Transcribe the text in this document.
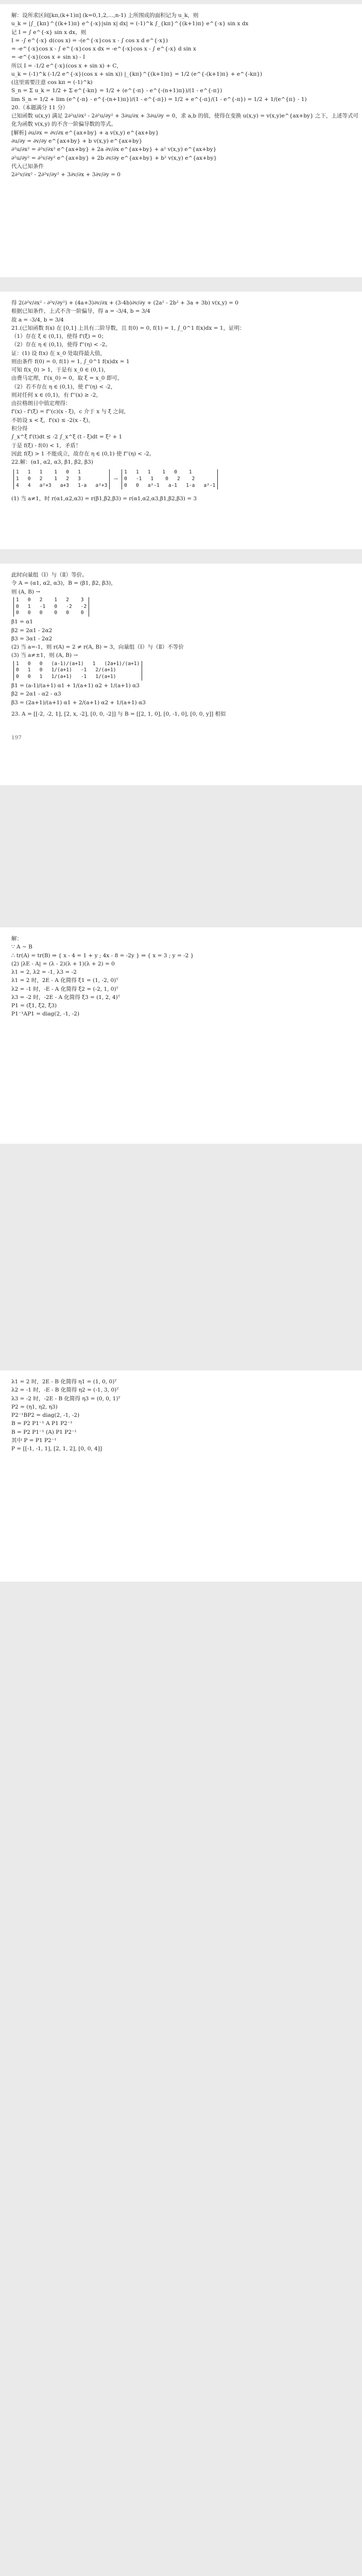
解：设所求区间[kπ,(k+1)π] (k=0,1,2,…,n-1) 上所围成的面积记为 u_k，则
u_k = |∫_{kπ}^{(k+1)π} e^{-x}|sin x| dx| = (-1)^k ∫_{kπ}^{(k+1)π} e^{-x} sin x dx
记 I = ∫ e^{-x} sin x dx，则
I = -∫ e^{-x} d(cos x) = -(e^{-x}cos x - ∫ cos x d e^{-x})
= -e^{-x}cos x - ∫ e^{-x}cos x dx = -e^{-x}cos x - ∫ e^{-x} d sin x
= -e^{-x}(cos x + sin x) - I
所以 I = -1/2 e^{-x}(cos x + sin x) + C，
u_k = (-1)^k (-1/2 e^{-x}(cos x + sin x)) |_{kπ}^{(k+1)π} = 1/2 (e^{-(k+1)π} + e^{-kπ})
(这里需要注意 cos kπ = (-1)^k)
S_n = Σ u_k = 1/2 + Σ e^{-kπ} = 1/2 + (e^{-π} - e^{-(n+1)π})/(1 - e^{-π})
lim S_n = 1/2 + lim (e^{-π} - e^{-(n+1)π})/(1 - e^{-π}) = 1/2 + e^{-π}/(1 - e^{-π}) = 1/2 + 1/(e^{π} - 1)
20.（本题满分 11 分）
已知函数 u(x,y) 满足 2∂²u/∂x² - 2∂²u/∂y² + 3∂u/∂x + 3∂u/∂y = 0，求 a,b 的值，使得在变换 u(x,y) = v(x,y)e^{ax+by} 之下，上述等式可
化为函数 v(x,y) 的不含一阶偏导数的等式。
[解析] ∂u/∂x = ∂v/∂x e^{ax+by} + a v(x,y) e^{ax+by}
∂u/∂y = ∂v/∂y e^{ax+by} + b v(x,y) e^{ax+by}
∂²u/∂x² = ∂²v/∂x² e^{ax+by} + 2a ∂v/∂x e^{ax+by} + a² v(x,y) e^{ax+by}
∂²u/∂y² = ∂²v/∂y² e^{ax+by} + 2b ∂v/∂y e^{ax+by} + b² v(x,y) e^{ax+by}
代入已知条件
2∂²v/∂x² - 2∂²v/∂y² + 3∂v/∂x + 3∂v/∂y = 0
得 2(∂²v/∂x² - ∂²v/∂y²) + (4a+3)∂v/∂x + (3-4b)∂v/∂y + (2a² - 2b² + 3a + 3b) v(x,y) = 0
根据已知条件，上式不含一阶偏导，得 a = -3/4, b = 3/4
故 a = -3/4, b = 3/4
21.(已知函数 f(x) 在 [0,1] 上具有二阶导数，且 f(0) = 0, f(1) = 1, ∫_0^1 f(x)dx = 1，证明：
（1）存在 ξ ∈ (0,1)，使得 f'(ξ) = 0；
（2）存在 η ∈ (0,1)，使得 f''(η) < -2。
证：(1) 设 f(x) 在 x_0 处取得最大值，
则由条件 f(0) = 0, f(1) = 1, ∫_0^1 f(x)dx = 1
可知 f(x_0) > 1，于是有 x_0 ∈ (0,1)，
由费马定理，f'(x_0) = 0，取 ξ = x_0 即可。
（2）若不存在 η ∈ (0,1)，使 f''(η) < -2，
则对任何 x ∈ (0,1)，有 f''(x) ≥ -2，
由拉格朗日中值定理得：
f'(x) - f'(ξ) = f''(c)(x - ξ)，c 介于 x 与 ξ 之间，
不妨设 x < ξ，f'(x) ≤ -2(x - ξ)，
积分得
∫_x^ξ f'(t)dt ≤ -2 ∫_x^ξ (t - ξ)dt = ξ² + 1
于是 f(ξ) - f(0) < 1，矛盾！
因此 f(ξ) > 1 不能成立，故存在 η ∈ (0,1) 使 f''(η) < -2。
22.解：(α1, α2, α3, β1, β2, β3)
1   1   1    1   0   1
1   0   2    1   2   3
4   4   a²+3   a+3   1-a   a²+3
→
1   1   1    1   0    1
0   -1   1    0   2    2
0   0   a²-1   a-1   1-a   a²-1
(1) 当 a≠1，时 r(α1,α2,α3) = r(β1,β2,β3) = r(α1,α2,α3,β1,β2,β3) = 3
此时向量组（Ⅰ）与（Ⅱ）等价。
令 A = (α1, α2, α3)，B = (β1, β2, β3)，
则 (A, B) →
1   0   2    1   2    3
0   1   -1   0   -2   -2
0   0   0    0   0    0
β1 = α1
β2 = 2α1 - 2α2
β3 = 3α1 - 2α2
(2) 当 a=-1，则 r(A) = 2 ≠ r(A, B) = 3，向量组（Ⅰ）与（Ⅱ）不等价
(3) 当 a≠±1，则 (A, B) →
1   0   0   (a-1)/(a+1)   1   (2a+1)/(a+1)
0   1   0   1/(a+1)   -1   2/(a+1)
0   0   1   1/(a+1)   -1   1/(a+1)
β1 = (a-1)/(a+1) α1 + 1/(a+1) α2 + 1/(a+1) α3
β2 = 2α1 - α2 - α3
β3 = (2a+1)/(a+1) α1 + 2/(a+1) α2 + 1/(a+1) α3
23. A = [[-2, -2, 1], [2, x, -2], [0, 0, -2]] 与 B = [[2, 1, 0], [0, -1, 0], [0, 0, y]] 相似
197
解：
∵ A ~ B
∴ tr(A) = tr(B) ⇒ { x - 4 = 1 + y ; 4x - 8 = -2y } ⇒ { x = 3 ; y = -2 }
(2) |λE - A| = (λ - 2)(λ + 1)(λ + 2) = 0
λ1 = 2, λ2 = -1, λ3 = -2
λ1 = 2 时，2E - A 化简得 ξ1 = (1, -2, 0)ᵀ
λ2 = -1 时，-E - A 化简得 ξ2 = (-2, 1, 0)ᵀ
λ3 = -2 时，-2E - A 化简得 ξ3 = (1, 2, 4)ᵀ
P1 = (ξ1, ξ2, ξ3)
P1⁻¹AP1 = diag(2, -1, -2)
λ1 = 2 时，2E - B 化简得 η1 = (1, 0, 0)ᵀ
λ2 = -1 时，-E - B 化简得 η2 = (-1, 3, 0)ᵀ
λ3 = -2 时，-2E - B 化简得 η3 = (0, 0, 1)ᵀ
P2 = (η1, η2, η3)
P2⁻¹BP2 = diag(2, -1, -2)
B = P2 P1⁻¹ A P1 P2⁻¹
B = P2 P1⁻¹ (A) P1 P2⁻¹
其中 P = P1 P2⁻¹
P = [[-1, -1, 1], [2, 1, 2], [0, 0, 4]]
